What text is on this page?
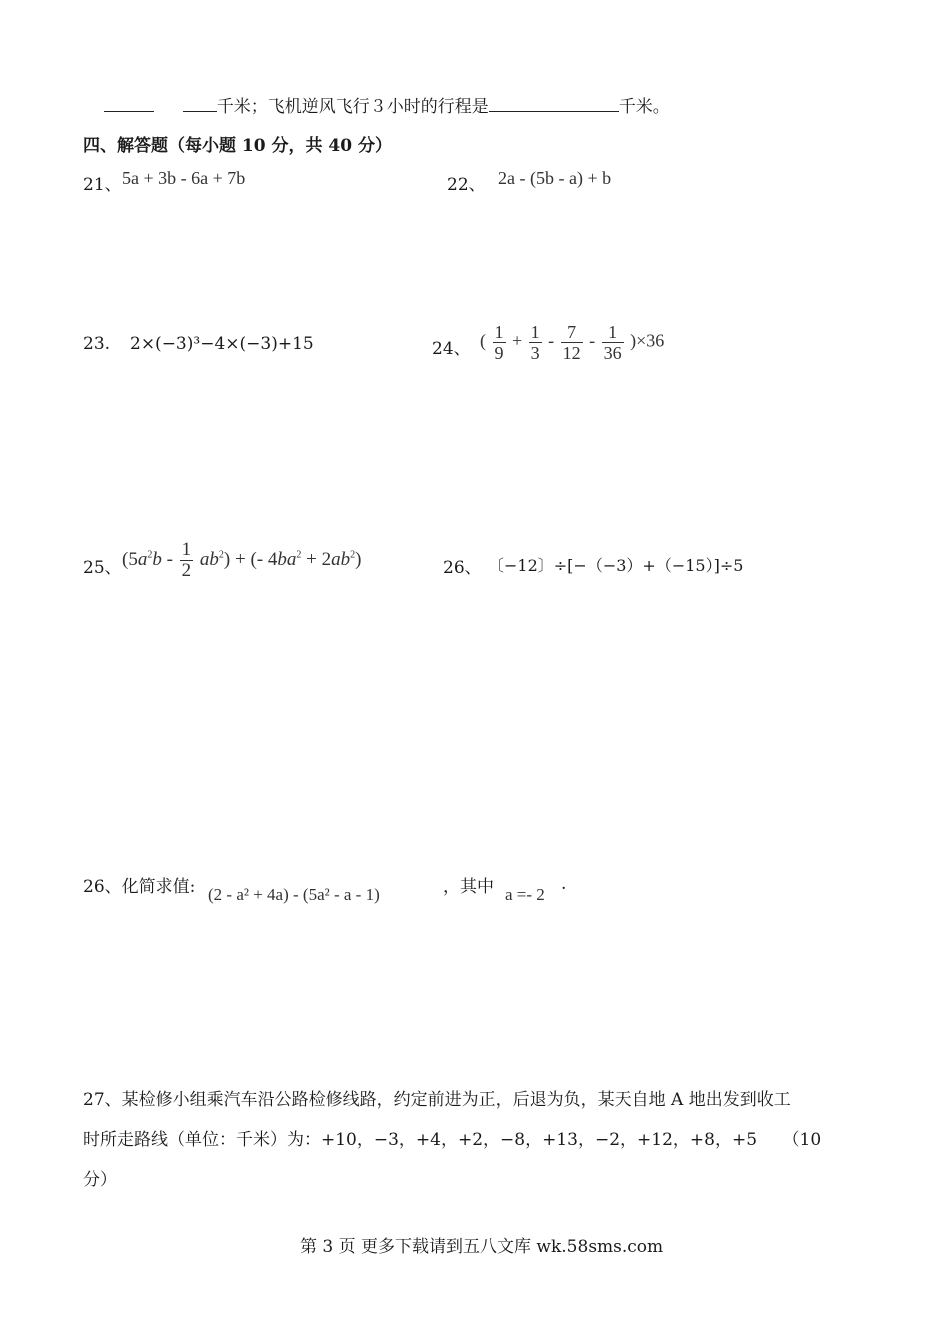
千米；飞机逆风飞行３小时的行程是	千米。
四、解答题（每小题 10 分，共 40 分）
21、 5a + 3b - 6a + 7b	22、 2a - (5b - a) + b
23. 2×(−3)³−4×(−3)+15	24、 ( $\frac{1}{9} + \frac{1}{3} - \frac{7}{12} - \frac{1}{36} )\times 36$
25、 $(5a^2b - \frac{1}{2} ab^2)$ + (- $4ba^2 + 2ab^2$)	26、 〔−12〕÷[−（−3）+（−15）]÷5
26、化简求值: (2 - a² + 4a) - (5a² - a - 1)	，其中 a =- 2
.
27、某检修小组乘汽车沿公路检修线路，约定前进为正，后退为负，某天自地 A 地出发到收工
时所走路线（单位：千米）为：+10，−3，+4，+2，−8，+13，−2，+12，+8，+5　　（10
分）
第 3 页 更多下载请到五八文库 wk.58sms.com
